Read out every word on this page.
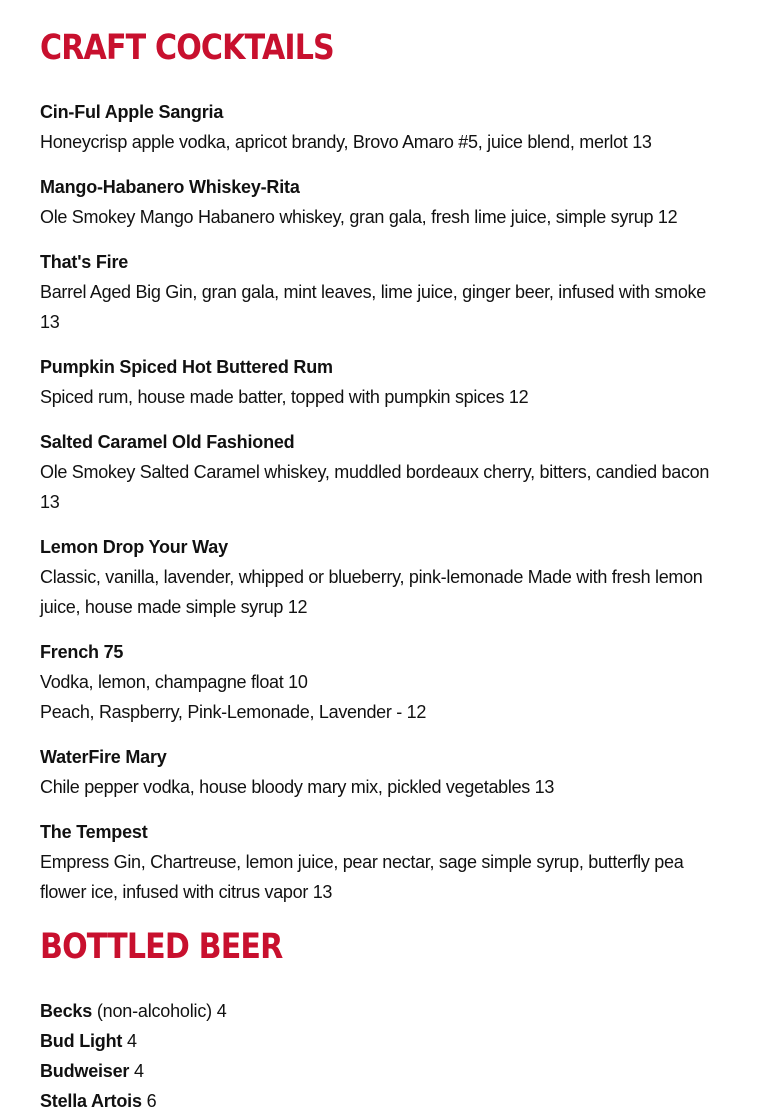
CRAFT COCKTAILS
Cin-Ful Apple Sangria
Honeycrisp apple vodka, apricot brandy, Brovo Amaro #5, juice blend, merlot 13
Mango-Habanero Whiskey-Rita
Ole Smokey Mango Habanero whiskey, gran gala, fresh lime juice, simple syrup 12
That's Fire
Barrel Aged Big Gin, gran gala, mint leaves, lime juice, ginger beer, infused with smoke 13
Pumpkin Spiced Hot Buttered Rum
Spiced rum, house made batter, topped with pumpkin spices 12
Salted Caramel Old Fashioned
Ole Smokey Salted Caramel whiskey, muddled bordeaux cherry, bitters, candied bacon 13
Lemon Drop Your Way
Classic, vanilla, lavender, whipped or blueberry, pink-lemonade Made with fresh lemon juice, house made simple syrup 12
French 75
Vodka, lemon, champagne float 10
Peach, Raspberry, Pink-Lemonade, Lavender - 12
WaterFire Mary
Chile pepper vodka, house bloody mary mix, pickled vegetables 13
The Tempest
Empress Gin, Chartreuse, lemon juice, pear nectar, sage simple syrup, butterfly pea flower ice, infused with citrus vapor 13
BOTTLED BEER
Becks (non-alcoholic) 4
Bud Light 4
Budweiser 4
Stella Artois 6
